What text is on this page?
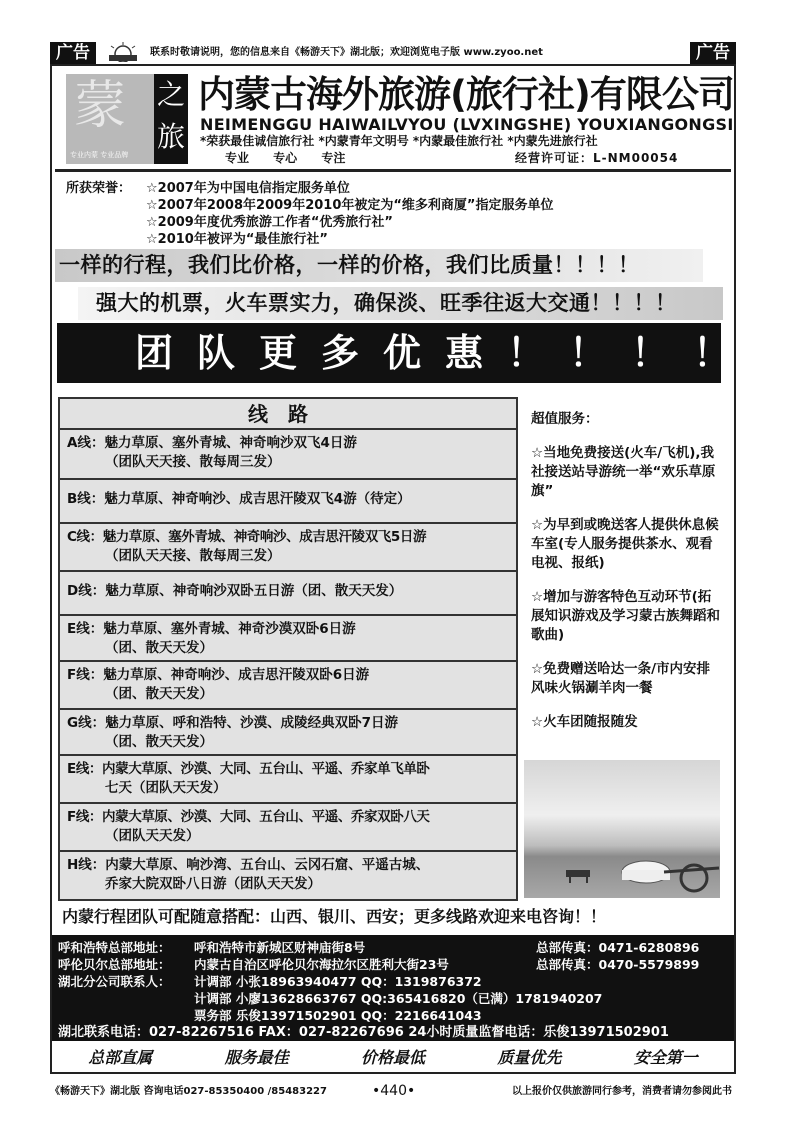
广告	联系时敬请说明，您的信息来自《畅游天下》湖北版；欢迎浏览电子版 www.zyoo.net	广告
蒙
专业内蒙 专业品牌
之
旅
内蒙古海外旅游(旅行社)有限公司
NEIMENGGU HAIWAILVYOU (LVXINGSHE) YOUXIANGONGSI
*荣获最佳诚信旅行社 *内蒙青年文明号 *内蒙最佳旅行社 *内蒙先进旅行社
专业 专心 专注	经营许可证：L-NM00054
所获荣誉： ☆2007年为中国电信指定服务单位
☆2007年2008年2009年2010年被定为“维多利商厦”指定服务单位
☆2009年度优秀旅游工作者“优秀旅行社”
☆2010年被评为“最佳旅行社”
一样的行程，我们比价格，一样的价格，我们比质量！！！！
强大的机票，火车票实力，确保淡、旺季往返大交通！！！！
团队更多优惠！！！！
线路
A线：魅力草原、塞外青城、神奇响沙双飞4日游
（团队天天接、散每周三发）
B线：魅力草原、神奇响沙、成吉思汗陵双飞4游（待定）
C线：魅力草原、塞外青城、神奇响沙、成吉思汗陵双飞5日游
（团队天天接、散每周三发）
D线：魅力草原、神奇响沙双卧五日游（团、散天天发）
E线：魅力草原、塞外青城、神奇沙漠双卧6日游
（团、散天天发）
F线：魅力草原、神奇响沙、成吉思汗陵双卧6日游
（团、散天天发）
G线：魅力草原、呼和浩特、沙漠、成陵经典双卧7日游
（团、散天天发）
E线：内蒙大草原、沙漠、大同、五台山、平遥、乔家单飞单卧
七天（团队天天发）
F线：内蒙大草原、沙漠、大同、五台山、平遥、乔家双卧八天
（团队天天发）
H线：内蒙大草原、响沙湾、五台山、云冈石窟、平遥古城、
乔家大院双卧八日游（团队天天发）
超值服务：
☆当地免费接送(火车/飞机),我社接送站导游统一举“欢乐草原旗”
☆为早到或晚送客人提供休息候车室(专人服务提供茶水、观看电视、报纸)
☆增加与游客特色互动环节(拓展知识游戏及学习蒙古族舞蹈和歌曲)
☆免费赠送哈达一条/市内安排风味火锅涮羊肉一餐
☆火车团随报随发
内蒙行程团队可配随意搭配：山西、银川、西安；更多线路欢迎来电咨询！！
呼和浩特总部地址： 呼和浩特市新城区财神庙街8号	总部传真：0471-6280896
呼伦贝尔总部地址： 内蒙古自治区呼伦贝尔海拉尔区胜利大街23号	总部传真：0470-5579899
湖北分公司联系人： 计调部 小张18963940477 QQ：1319876372
计调部 小廖13628663767 QQ:365416820（已满）1781940207
票务部 乐俊13971502901 QQ：2216641043
湖北联系电话：027-82267516 FAX：027-82267696 24小时质量监督电话：乐俊13971502901
总部直属	服务最佳	价格最低	质量优先	安全第一
《畅游天下》湖北版 咨询电话027-85350400 /85483227	•440•	以上报价仅供旅游同行参考，消费者请勿参阅此书
